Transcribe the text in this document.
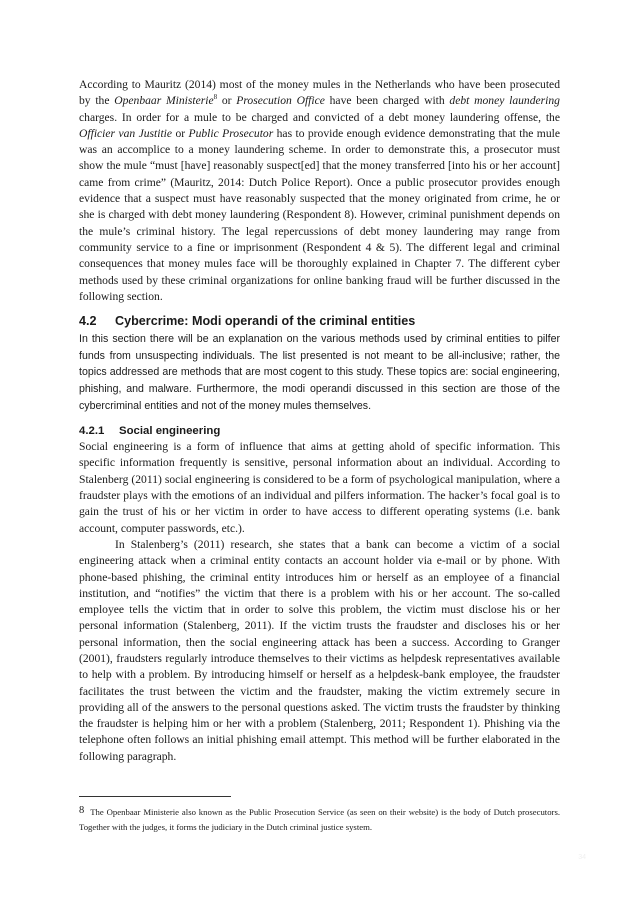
According to Mauritz (2014) most of the money mules in the Netherlands who have been prosecuted by the Openbaar Ministerie$^8$ or Prosecution Office have been charged with debt money laundering charges. In order for a mule to be charged and convicted of a debt money laundering offense, the Officier van Justitie or Public Prosecutor has to provide enough evidence demonstrating that the mule was an accomplice to a money laundering scheme. In order to demonstrate this, a prosecutor must show the mule “must [have] reasonably suspect[ed] that the money transferred [into his or her account] came from crime” (Mauritz, 2014: Dutch Police Report). Once a public prosecutor provides enough evidence that a suspect must have reasonably suspected that the money originated from crime, he or she is charged with debt money laundering (Respondent 8). However, criminal punishment depends on the mule’s criminal history. The legal repercussions of debt money laundering may range from community service to a fine or imprisonment (Respondent 4 & 5). The different legal and criminal consequences that money mules face will be thoroughly explained in Chapter 7. The different cyber methods used by these criminal organizations for online banking fraud will be further discussed in the following section.

4.2 Cybercrime: Modi operandi of the criminal entities

In this section there will be an explanation on the various methods used by criminal entities to pilfer funds from unsuspecting individuals. The list presented is not meant to be all-inclusive; rather, the topics addressed are methods that are most cogent to this study. These topics are: social engineering, phishing, and malware. Furthermore, the modi operandi discussed in this section are those of the cybercriminal entities and not of the money mules themselves.

4.2.1 Social engineering

Social engineering is a form of influence that aims at getting ahold of specific information. This specific information frequently is sensitive, personal information about an individual. According to Stalenberg (2011) social engineering is considered to be a form of psychological manipulation, where a fraudster plays with the emotions of an individual and pilfers information. The hacker’s focal goal is to gain the trust of his or her victim in order to have access to different operating systems (i.e. bank account, computer passwords, etc.).

In Stalenberg’s (2011) research, she states that a bank can become a victim of a social engineering attack when a criminal entity contacts an account holder via e-mail or by phone. With phone-based phishing, the criminal entity introduces him or herself as an employee of a financial institution, and “notifies” the victim that there is a problem with his or her account. The so-called employee tells the victim that in order to solve this problem, the victim must disclose his or her personal information (Stalenberg, 2011). If the victim trusts the fraudster and discloses his or her personal information, then the social engineering attack has been a success. According to Granger (2001), fraudsters regularly introduce themselves to their victims as helpdesk representatives available to help with a problem. By introducing himself or herself as a helpdesk-bank employee, the fraudster facilitates the trust between the victim and the fraudster, making the victim extremely secure in providing all of the answers to the personal questions asked. The victim trusts the fraudster by thinking the fraudster is helping him or her with a problem (Stalenberg, 2011; Respondent 1). Phishing via the telephone often follows an initial phishing email attempt. This method will be further elaborated in the following paragraph.

8 The Openbaar Ministerie also known as the Public Prosecution Service (as seen on their website) is the body of Dutch prosecutors. Together with the judges, it forms the judiciary in the Dutch criminal justice system.
34
